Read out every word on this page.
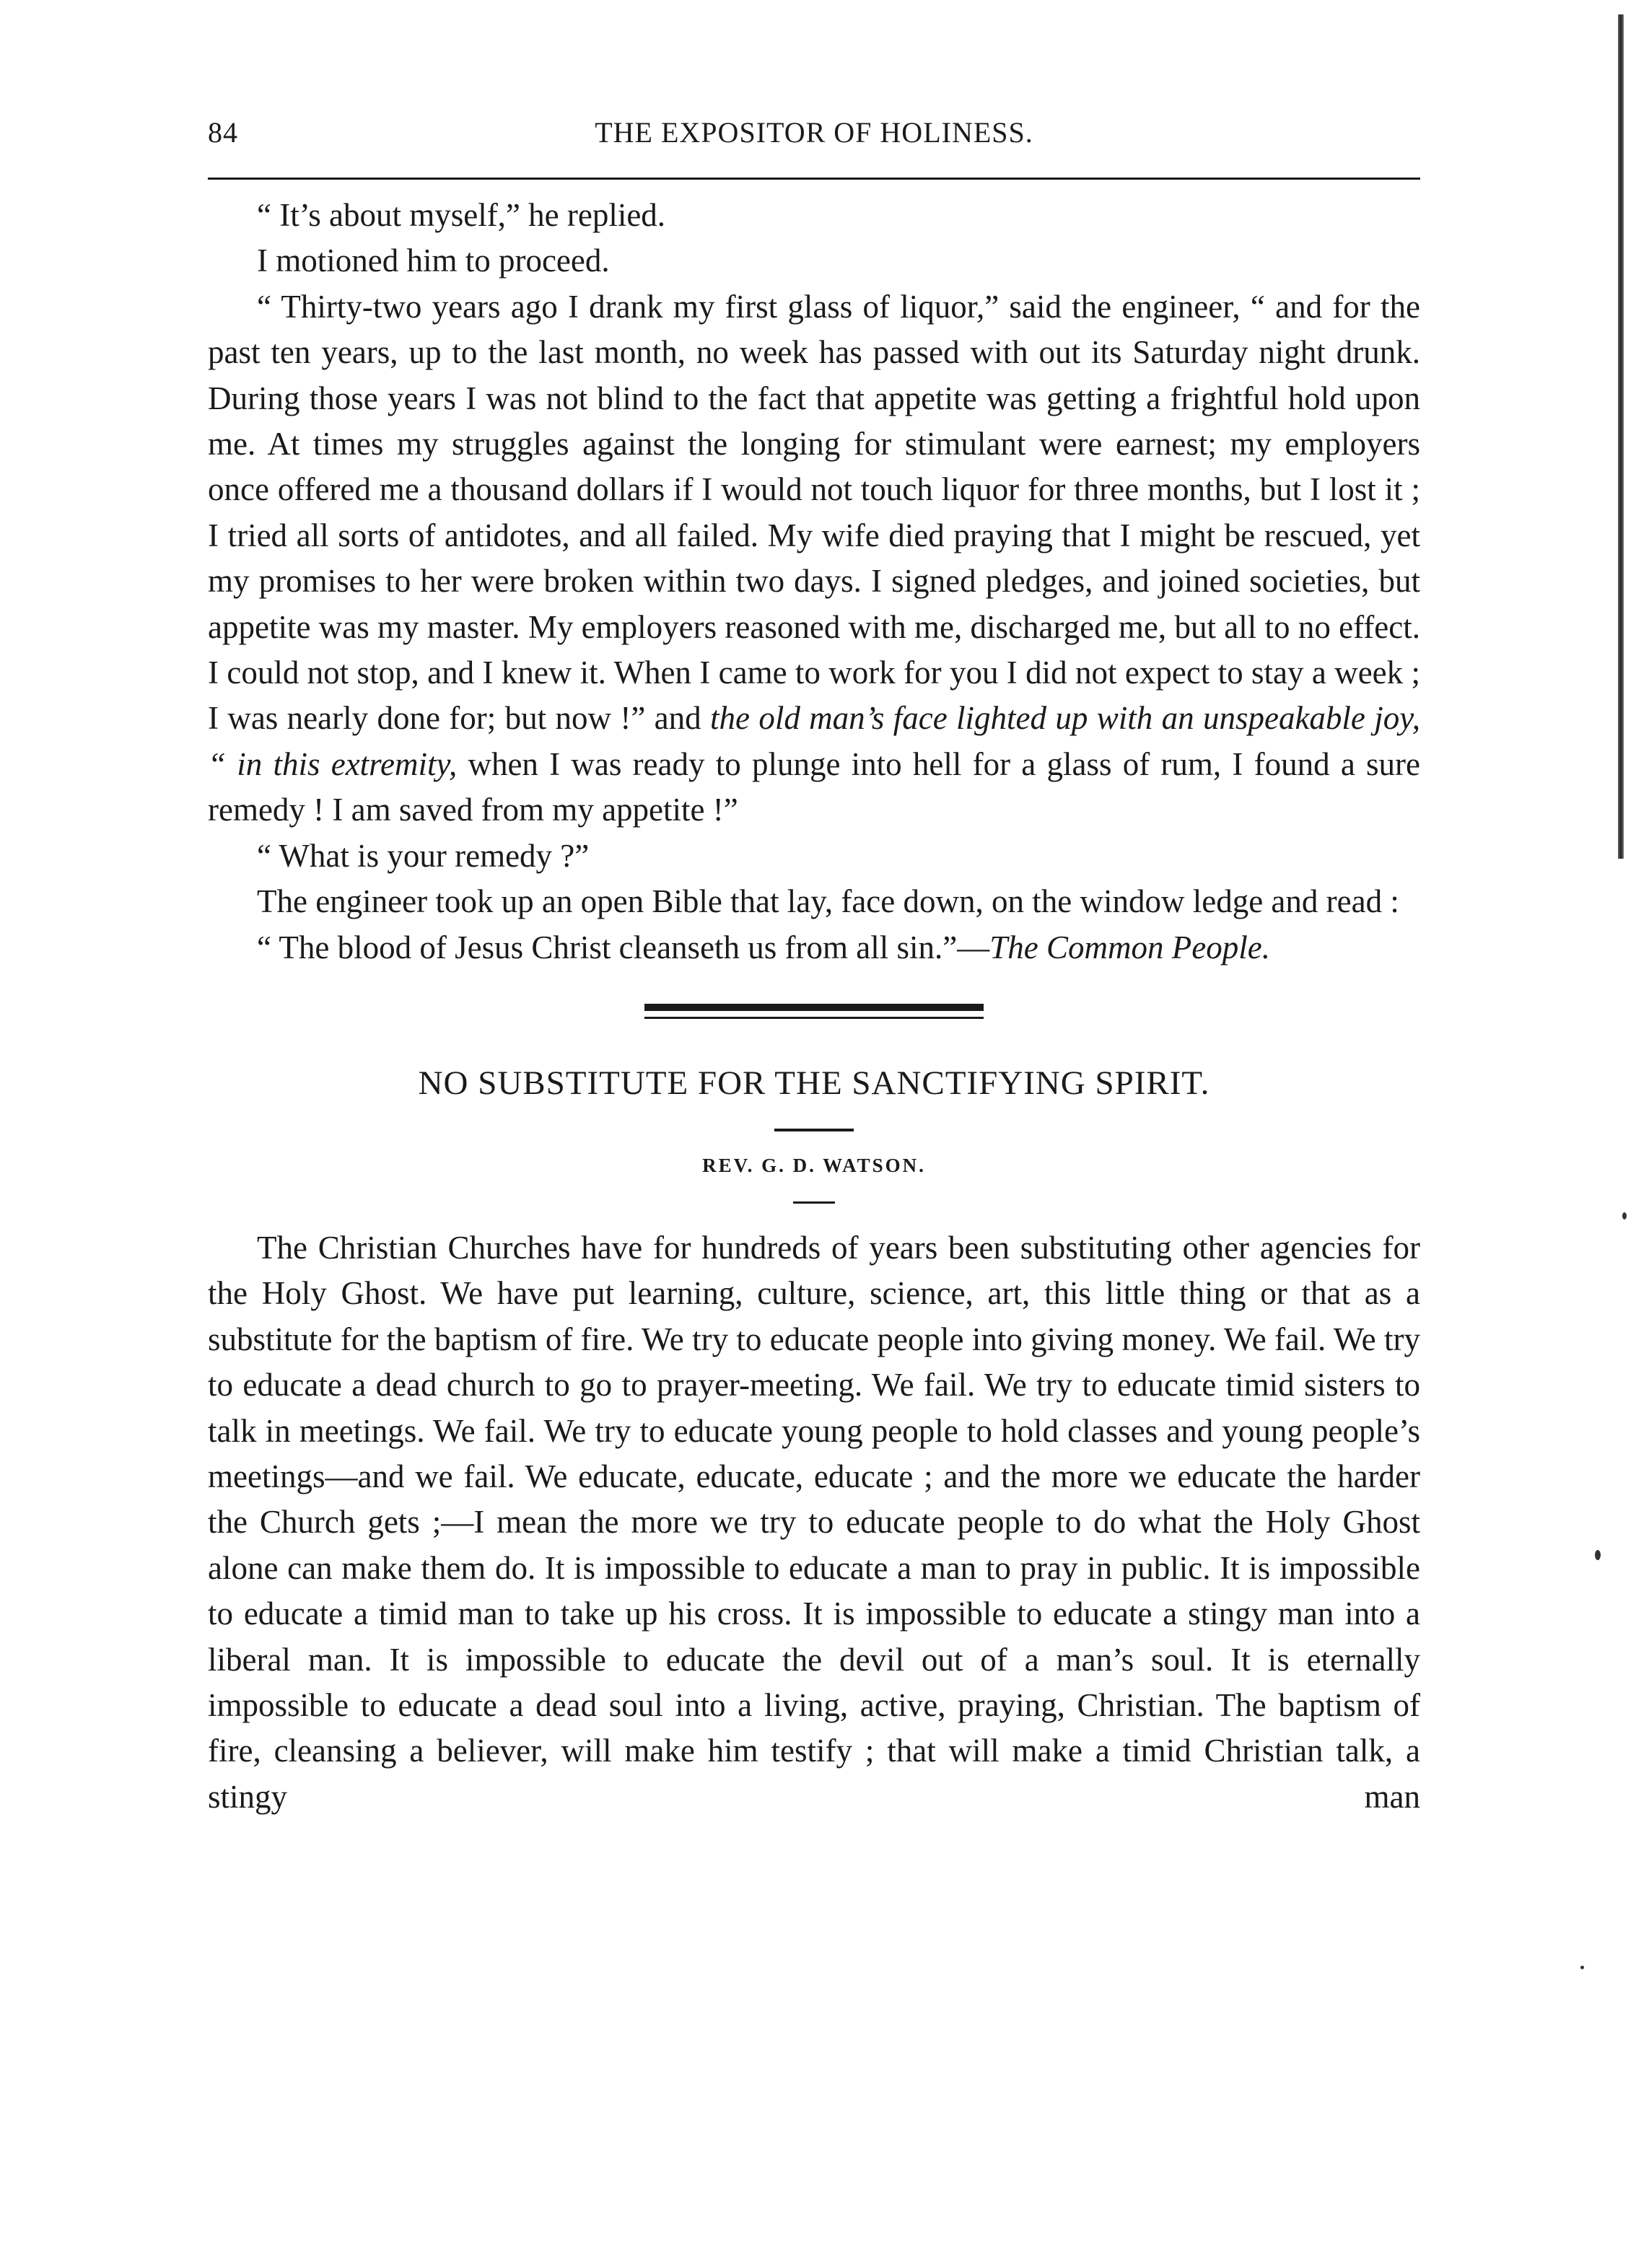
84	THE EXPOSITOR OF HOLINESS.

“ It’s about myself,” he replied.

I motioned him to proceed.

“ Thirty-two years ago I drank my first glass of liquor,” said the engineer, “ and for the past ten years, up to the last month, no week has passed with out its Saturday night drunk. During those years I was not blind to the fact that appetite was getting a frightful hold upon me. At times my struggles against the longing for stimulant were earnest; my employers once offered me a thousand dollars if I would not touch liquor for three months, but I lost it ; I tried all sorts of antidotes, and all failed. My wife died praying that I might be rescued, yet my promises to her were broken within two days. I signed pledges, and joined societies, but appetite was my master. My employers reasoned with me, discharged me, but all to no effect. I could not stop, and I knew it. When I came to work for you I did not expect to stay a week ; I was nearly done for; but now !” and the old man’s face lighted up with an unspeakable joy, “ in this extremity, when I was ready to plunge into hell for a glass of rum, I found a sure remedy ! I am saved from my appetite !”

“ What is your remedy ?”

The engineer took up an open Bible that lay, face down, on the window ledge and read :

“ The blood of Jesus Christ cleanseth us from all sin.”—The Common People.

NO SUBSTITUTE FOR THE SANCTIFYING SPIRIT.
REV. G. D. WATSON.

The Christian Churches have for hundreds of years been substituting other agencies for the Holy Ghost. We have put learning, culture, science, art, this little thing or that as a substitute for the baptism of fire. We try to educate people into giving money. We fail. We try to educate a dead church to go to prayer-meeting. We fail. We try to educate timid sisters to talk in meetings. We fail. We try to educate young people to hold classes and young people’s meetings—and we fail. We educate, educate, educate ; and the more we educate the harder the Church gets ;—I mean the more we try to educate people to do what the Holy Ghost alone can make them do. It is impossible to educate a man to pray in public. It is impossible to educate a timid man to take up his cross. It is impossible to educate a stingy man into a liberal man. It is impossible to educate the devil out of a man’s soul. It is eternally impossible to educate a dead soul into a living, active, praying, Christian. The baptism of fire, cleansing a believer, will make him testify ; that will make a timid Christian talk, a stingy man
